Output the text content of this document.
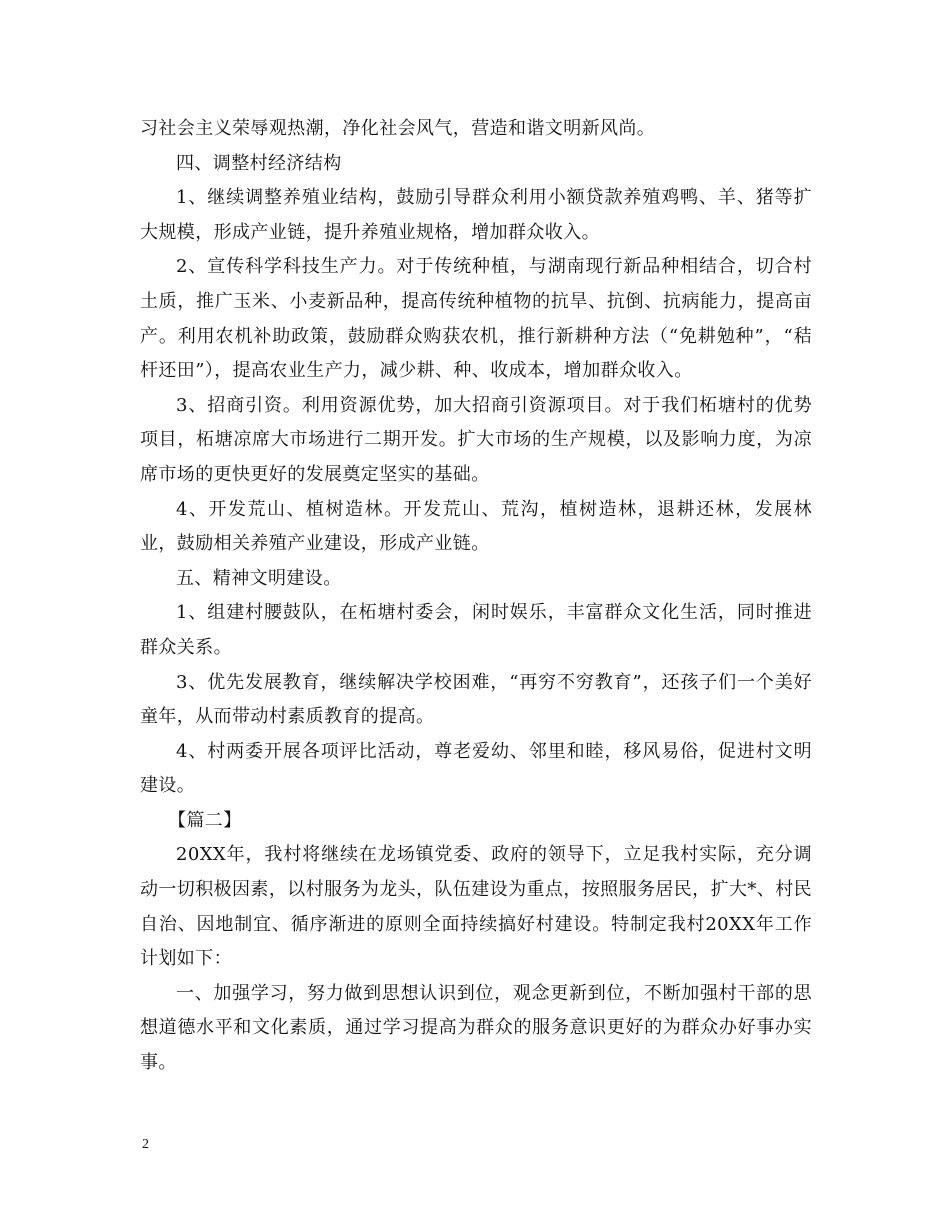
习社会主义荣辱观热潮，净化社会风气，营造和谐文明新风尚。

四、调整村经济结构

1、继续调整养殖业结构，鼓励引导群众利用小额贷款养殖鸡鸭、羊、猪等扩大规模，形成产业链，提升养殖业规格，增加群众收入。

2、宣传科学科技生产力。对于传统种植，与湖南现行新品种相结合，切合村土质，推广玉米、小麦新品种，提高传统种植物的抗旱、抗倒、抗病能力，提高亩产。利用农机补助政策，鼓励群众购获农机，推行新耕种方法（“免耕勉种”，“秸杆还田”），提高农业生产力，减少耕、种、收成本，增加群众收入。

3、招商引资。利用资源优势，加大招商引资源项目。对于我们柘塘村的优势项目，柘塘凉席大市场进行二期开发。扩大市场的生产规模，以及影响力度，为凉席市场的更快更好的发展奠定坚实的基础。

4、开发荒山、植树造林。开发荒山、荒沟，植树造林，退耕还林，发展林业，鼓励相关养殖产业建设，形成产业链。

五、精神文明建设。

1、组建村腰鼓队，在柘塘村委会，闲时娱乐，丰富群众文化生活，同时推进群众关系。

3、优先发展教育，继续解决学校困难，“再穷不穷教育”，还孩子们一个美好童年，从而带动村素质教育的提高。

4、村两委开展各项评比活动，尊老爱幼、邻里和睦，移风易俗，促进村文明建设。

【篇二】

20XX年，我村将继续在龙场镇党委、政府的领导下，立足我村实际，充分调动一切积极因素，以村服务为龙头，队伍建设为重点，按照服务居民，扩大*、村民自治、因地制宜、循序渐进的原则全面持续搞好村建设。特制定我村20XX年工作计划如下：

一、加强学习，努力做到思想认识到位，观念更新到位，不断加强村干部的思想道德水平和文化素质，通过学习提高为群众的服务意识更好的为群众办好事办实事。

2
